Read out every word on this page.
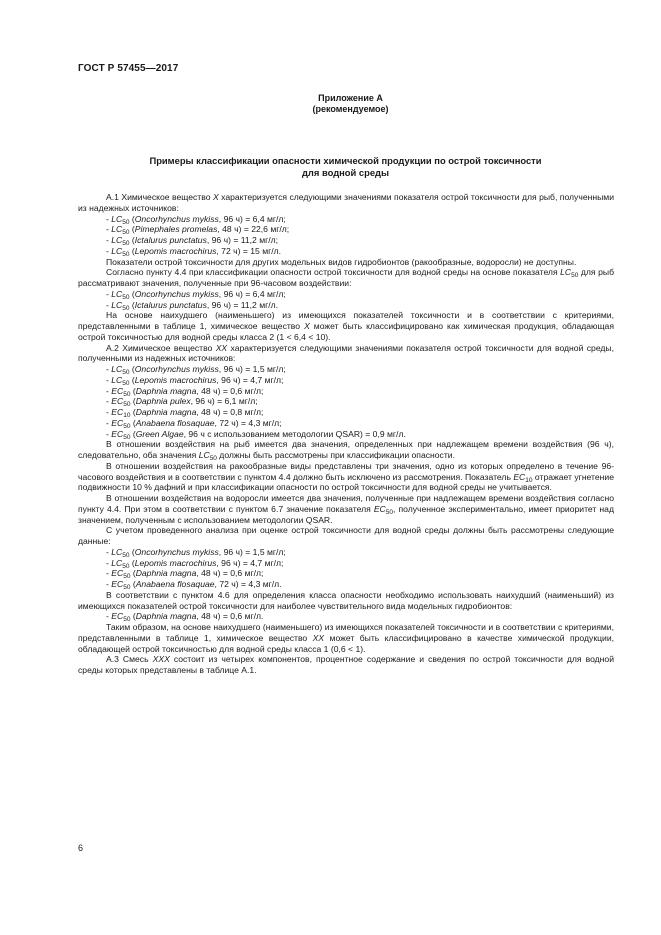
ГОСТ Р 57455—2017
Приложение А
(рекомендуемое)
Примеры классификации опасности химической продукции по острой токсичности
для водной среды
А.1 Химическое вещество X характеризуется следующими значениями показателя острой токсичности для рыб, полученными из надежных источников:
- $LC_{50}$ (Oncorhynchus mykiss, 96 ч) = 6,4 мг/л;
- $LC_{50}$ (Pimephales promelas, 48 ч) = 22,6 мг/л;
- $LC_{50}$ (Ictalurus punctatus, 96 ч) = 11,2 мг/л;
- $LC_{50}$ (Lepomis macrochirus, 72 ч) = 15 мг/л.
Показатели острой токсичности для других модельных видов гидробионтов (ракообразные, водоросли) не доступны.
Согласно пункту 4.4 при классификации опасности острой токсичности для водной среды на основе показателя $LC_{50}$ для рыб рассматривают значения, полученные при 96-часовом воздействии:
- $LC_{50}$ (Oncorhynchus mykiss, 96 ч) = 6,4 мг/л;
- $LC_{50}$ (Ictalurus punctatus, 96 ч) = 11,2 мг/л.
На основе наихудшего (наименьшего) из имеющихся показателей токсичности и в соответствии с критериями, представленными в таблице 1, химическое вещество X может быть классифицировано как химическая продукция, обладающая острой токсичностью для водной среды класса 2 (1 < 6,4 < 10).
А.2 Химическое вещество XX характеризуется следующими значениями показателя острой токсичности для водной среды, полученными из надежных источников:
- $LC_{50}$ (Oncorhynchus mykiss, 96 ч) = 1,5 мг/л;
- $LC_{50}$ (Lepomis macrochirus, 96 ч) = 4,7 мг/л;
- $EC_{50}$ (Daphnia magna, 48 ч) = 0,6 мг/л;
- $EC_{50}$ (Daphnia pulex, 96 ч) = 6,1 мг/л;
- $EC_{10}$ (Daphnia magna, 48 ч) = 0,8 мг/л;
- $EC_{50}$ (Anabaena flosaquae, 72 ч) = 4,3 мг/л;
- $EC_{50}$ (Green Algae, 96 ч с использованием методологии QSAR) = 0,9 мг/л.
В отношении воздействия на рыб имеется два значения, определенных при надлежащем времени воздействия (96 ч), следовательно, оба значения $LC_{50}$ должны быть рассмотрены при классификации опасности.
В отношении воздействия на ракообразные виды представлены три значения, одно из которых определено в течение 96-часового воздействия и в соответствии с пунктом 4.4 должно быть исключено из рассмотрения. Показатель $EC_{10}$ отражает угнетение подвижности 10 % дафний и при классификации опасности по острой токсичности для водной среды не учитывается.
В отношении воздействия на водоросли имеется два значения, полученные при надлежащем времени воздействия согласно пункту 4.4. При этом в соответствии с пунктом 6.7 значение показателя $EC_{50}$, полученное экспериментально, имеет приоритет над значением, полученным с использованием методологии QSAR.
С учетом проведенного анализа при оценке острой токсичности для водной среды должны быть рассмотрены следующие данные:
- $LC_{50}$ (Oncorhynchus mykiss, 96 ч) = 1,5 мг/л;
- $LC_{50}$ (Lepomis macrochirus, 96 ч) = 4,7 мг/л;
- $EC_{50}$ (Daphnia magna, 48 ч) = 0,6 мг/л;
- $EC_{50}$ (Anabaena flosaquae, 72 ч) = 4,3 мг/л.
В соответствии с пунктом 4.6 для определения класса опасности необходимо использовать наихудший (наименьший) из имеющихся показателей острой токсичности для наиболее чувствительного вида модельных гидробионтов:
- $EC_{50}$ (Daphnia magna, 48 ч) = 0,6 мг/л.
Таким образом, на основе наихудшего (наименьшего) из имеющихся показателей токсичности и в соответствии с критериями, представленными в таблице 1, химическое вещество XX может быть классифицировано в качестве химической продукции, обладающей острой токсичностью для водной среды класса 1 (0,6 < 1).
А.3 Смесь XXX состоит из четырех компонентов, процентное содержание и сведения по острой токсичности для водной среды которых представлены в таблице А.1.
6
